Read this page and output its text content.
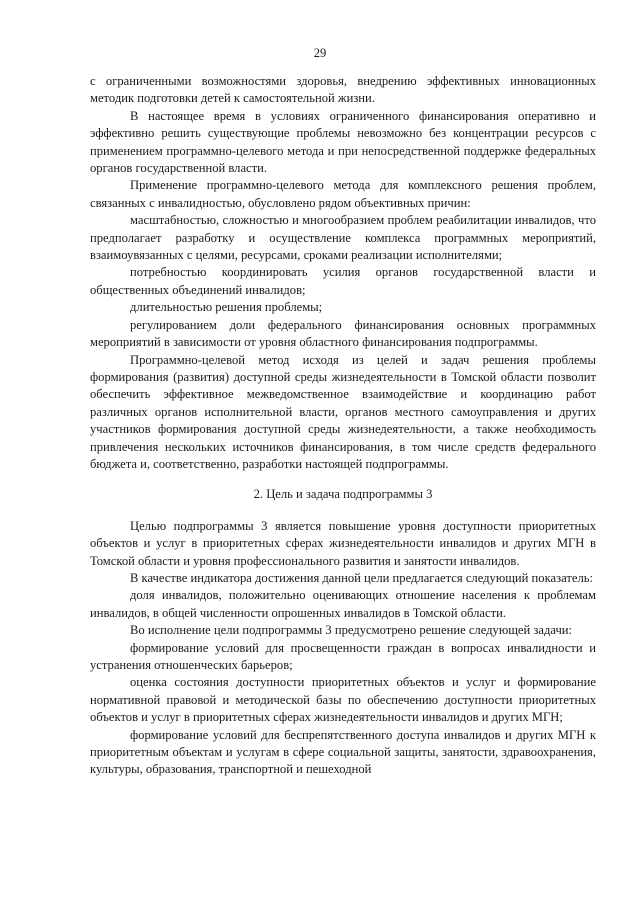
29

с ограниченными возможностями здоровья, внедрению эффективных инновационных методик подготовки детей к самостоятельной жизни.

В настоящее время в условиях ограниченного финансирования оперативно и эффективно решить существующие проблемы невозможно без концентрации ресурсов с применением программно-целевого метода и при непосредственной поддержке федеральных органов государственной власти.

Применение программно-целевого метода для комплексного решения проблем, связанных с инвалидностью, обусловлено рядом объективных причин:

масштабностью, сложностью и многообразием проблем реабилитации инвалидов, что предполагает разработку и осуществление комплекса программных мероприятий, взаимоувязанных с целями, ресурсами, сроками реализации исполнителями;

потребностью координировать усилия органов государственной власти и общественных объединений инвалидов;

длительностью решения проблемы;

регулированием доли федерального финансирования основных программных мероприятий в зависимости от уровня областного финансирования подпрограммы.

Программно-целевой метод исходя из целей и задач решения проблемы формирования (развития) доступной среды жизнедеятельности в Томской области позволит обеспечить эффективное межведомственное взаимодействие и координацию работ различных органов исполнительной власти, органов местного самоуправления и других участников формирования доступной среды жизнедеятельности, а также необходимость привлечения нескольких источников финансирования, в том числе средств федерального бюджета и, соответственно, разработки настоящей подпрограммы.

2. Цель и задача подпрограммы 3

Целью подпрограммы 3 является повышение уровня доступности приоритетных объектов и услуг в приоритетных сферах жизнедеятельности инвалидов и других МГН в Томской области и уровня профессионального развития и занятости инвалидов.

В качестве индикатора достижения данной цели предлагается следующий показатель:

доля инвалидов, положительно оценивающих отношение населения к проблемам инвалидов, в общей численности опрошенных инвалидов в Томской области.

Во исполнение цели подпрограммы 3 предусмотрено решение следующей задачи:

формирование условий для просвещенности граждан в вопросах инвалидности и устранения отношенческих барьеров;

оценка состояния доступности приоритетных объектов и услуг и формирование нормативной правовой и методической базы по обеспечению доступности приоритетных объектов и услуг в приоритетных сферах жизнедеятельности инвалидов и других МГН;

формирование условий для беспрепятственного доступа инвалидов и других МГН к приоритетным объектам и услугам в сфере социальной защиты, занятости, здравоохранения, культуры, образования, транспортной и пешеходной
